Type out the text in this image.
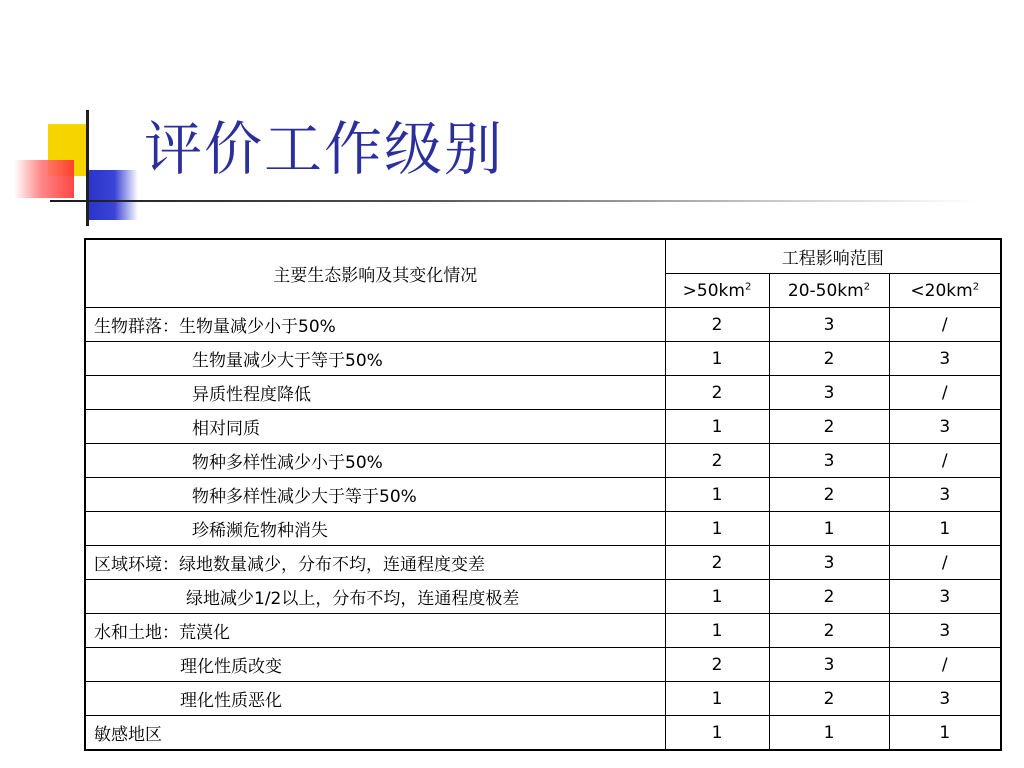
评价工作级别
主要生态影响及其变化情况	工程影响范围		
	$>50km^2$	$20-50km^2$	$<20km^2$
生物群落：生物量减少小于50%	2	3	/
生物量减少大于等于50%	1	2	3
异质性程度降低	2	3	/
相对同质	1	2	3
物种多样性减少小于50%	2	3	/
物种多样性减少大于等于50%	1	2	3
珍稀濒危物种消失	1	1	1
区域环境：绿地数量减少，分布不均，连通程度变差	2	3	/
绿地减少1/2以上，分布不均，连通程度极差	1	2	3
水和土地：荒漠化	1	2	3
理化性质改变	2	3	/
理化性质恶化	1	2	3
敏感地区	1	1	1
